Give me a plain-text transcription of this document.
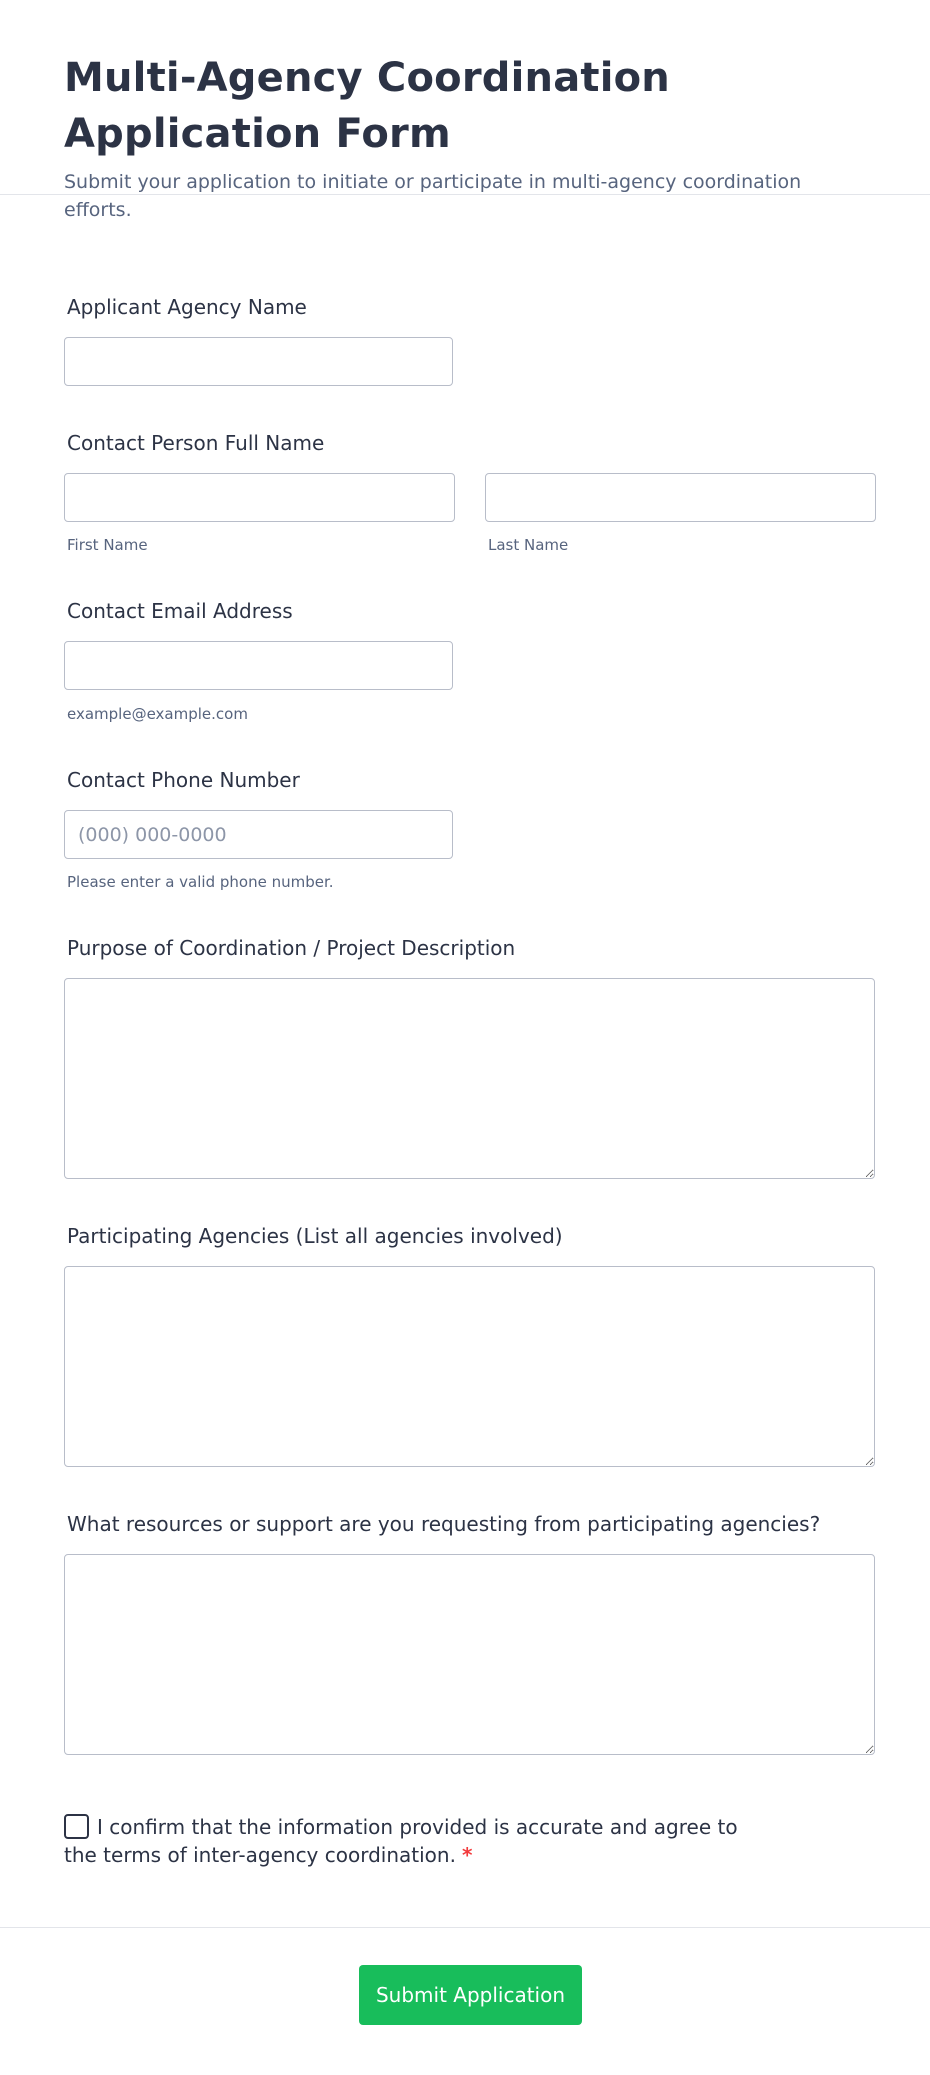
Multi-Agency Coordination Application Form

Submit your application to initiate or participate in multi-agency coordination efforts.

Applicant Agency Name
Contact Person Full Name
First Name	Last Name
Contact Email Address
example@example.com
Contact Phone Number
(000) 000-0000
Please enter a valid phone number.
Purpose of Coordination / Project Description
Participating Agencies (List all agencies involved)
What resources or support are you requesting from participating agencies?
I confirm that the information provided is accurate and agree to the terms of inter-agency coordination. *
Submit Application
